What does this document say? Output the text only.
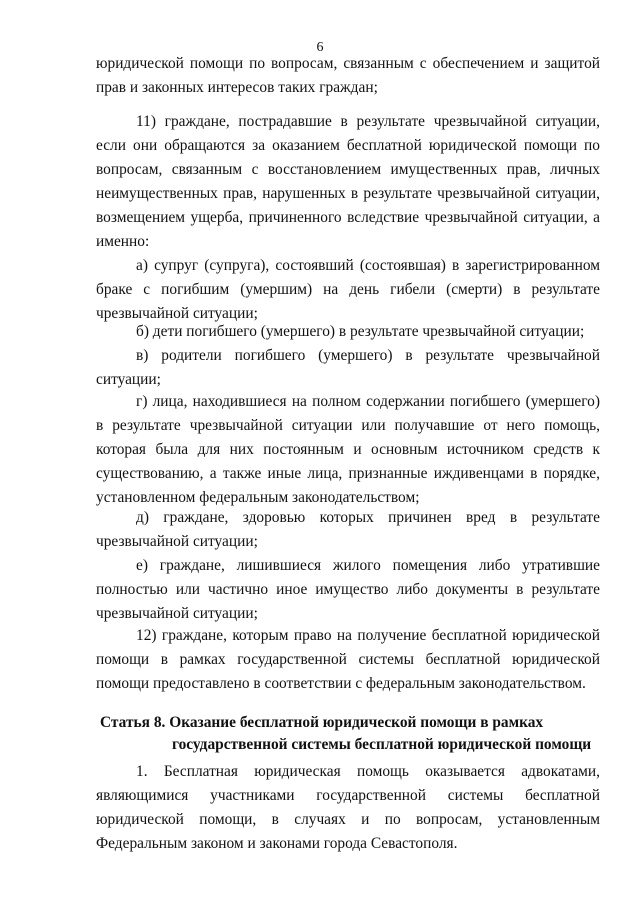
6

юридической помощи по вопросам, связанным с обеспечением и защитой прав и законных интересов таких граждан;

11) граждане, пострадавшие в результате чрезвычайной ситуации, если они обращаются за оказанием бесплатной юридической помощи по вопросам, связанным с восстановлением имущественных прав, личных неимущественных прав, нарушенных в результате чрезвычайной ситуации, возмещением ущерба, причиненного вследствие чрезвычайной ситуации, а именно:

а) супруг (супруга), состоявший (состоявшая) в зарегистрированном браке с погибшим (умершим) на день гибели (смерти) в результате чрезвычайной ситуации;

б) дети погибшего (умершего) в результате чрезвычайной ситуации;

в) родители погибшего (умершего) в результате чрезвычайной ситуации;

г) лица, находившиеся на полном содержании погибшего (умершего) в результате чрезвычайной ситуации или получавшие от него помощь, которая была для них постоянным и основным источником средств к существованию, а также иные лица, признанные иждивенцами в порядке, установленном федеральным законодательством;

д) граждане, здоровью которых причинен вред в результате чрезвычайной ситуации;

е) граждане, лишившиеся жилого помещения либо утратившие полностью или частично иное имущество либо документы в результате чрезвычайной ситуации;

12) граждане, которым право на получение бесплатной юридической помощи в рамках государственной системы бесплатной юридической помощи предоставлено в соответствии с федеральным законодательством.

Статья 8. Оказание бесплатной юридической помощи в рамках
государственной системы бесплатной юридической помощи

1. Бесплатная юридическая помощь оказывается адвокатами, являющимися участниками государственной системы бесплатной юридической помощи, в случаях и по вопросам, установленным Федеральным законом и законами города Севастополя.
